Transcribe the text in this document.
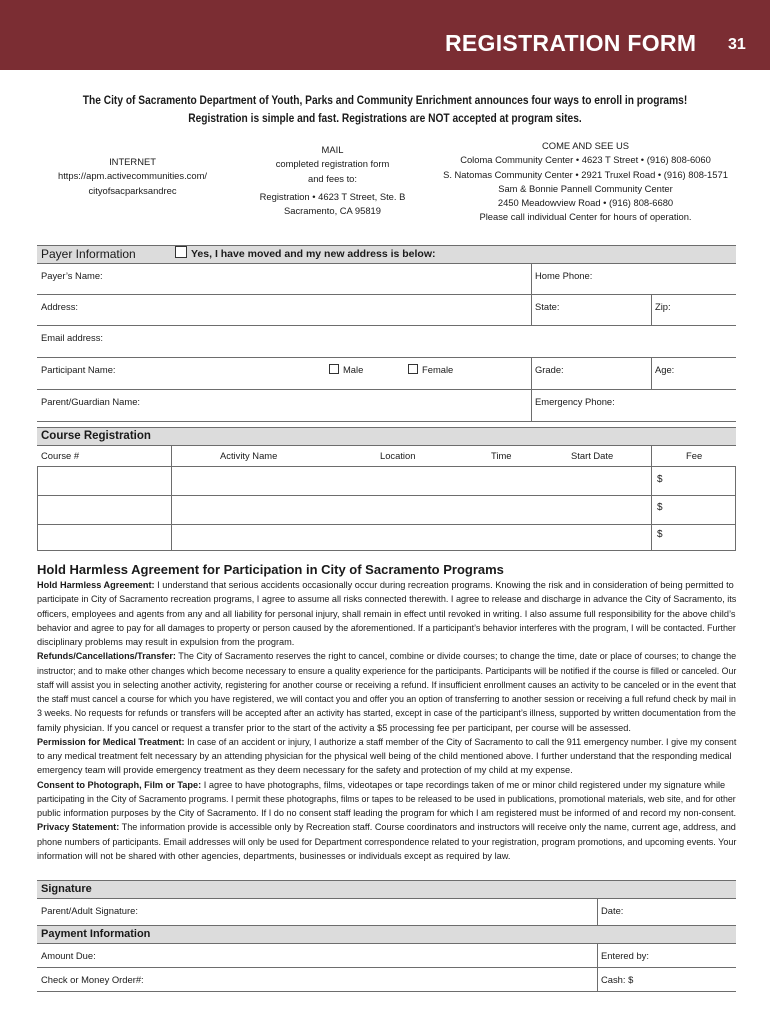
REGISTRATION FORM 31
The City of Sacramento Department of Youth, Parks and Community Enrichment announces four ways to enroll in programs!
Registration is simple and fast. Registrations are NOT accepted at program sites.
INTERNET
https://apm.activecommunities.com/
cityofsacparksandrec
MAIL
completed registration form
and fees to:
Registration • 4623 T Street, Ste. B
Sacramento, CA 95819
COME AND SEE US
Coloma Community Center • 4623 T Street • (916) 808-6060
S. Natomas Community Center • 2921 Truxel Road • (916) 808-1571
Sam & Bonnie Pannell Community Center
2450 Meadowview Road • (916) 808-6680
Please call individual Center for hours of operation.
Payer Information	Yes, I have moved and my new address is below:
Payer’s Name:	Home Phone:
Address:	State:	Zip:
Email address:
Participant Name:	Male	Female	Grade:	Age:
Parent/Guardian Name:	Emergency Phone:
Course Registration
Course #	Activity Name	Location	Time	Start Date	Fee
$
$
$
Hold Harmless Agreement for Participation in City of Sacramento Programs
Hold Harmless Agreement: I understand that serious accidents occasionally occur during recreation programs. Knowing the risk and in consideration of being permitted to
participate in City of Sacramento recreation programs, I agree to assume all risks connected therewith. I agree to release and discharge in advance the City of Sacramento, its
officers, employees and agents from any and all liability for personal injury, shall remain in effect until revoked in writing. I also assume full responsibility for the above child’s
behavior and agree to pay for all damages to property or person caused by the aforementioned. If a participant’s behavior interferes with the program, I will be contacted. Further
disciplinary problems may result in expulsion from the program.
Refunds/Cancellations/Transfer: The City of Sacramento reserves the right to cancel, combine or divide courses; to change the time, date or place of courses; to change the
instructor; and to make other changes which become necessary to ensure a quality experience for the participants. Participants will be notified if the course is filled or canceled. Our
staff will assist you in selecting another activity, registering for another course or receiving a refund. If insufficient enrollment causes an activity to be canceled or in the event that
the staff must cancel a course for which you have registered, we will contact you and offer you an option of transferring to another session or receiving a full refund check by mail in
3 weeks. No requests for refunds or transfers will be accepted after an activity has started, except in case of the participant’s illness, supported by written documentation from the
family physician. If you cancel or request a transfer prior to the start of the activity a $5 processing fee per participant, per course will be assessed.
Permission for Medical Treatment: In case of an accident or injury, I authorize a staff member of the City of Sacramento to call the 911 emergency number. I give my consent
to any medical treatment felt necessary by an attending physician for the physical well being of the child mentioned above. I further understand that the responding medical
emergency team will provide emergency treatment as they deem necessary for the safety and protection of my child at my expense.
Consent to Photograph, Film or Tape: I agree to have photographs, films, videotapes or tape recordings taken of me or minor child registered under my signature while
participating in the City of Sacramento programs. I permit these photographs, films or tapes to be released to be used in publications, promotional materials, web site, and for other
public information purposes by the City of Sacramento. If I do no consent staff leading the program for which I am registered must be informed of and record my non-consent.
Privacy Statement: The information provide is accessible only by Recreation staff. Course coordinators and instructors will receive only the name, current age, address, and
phone numbers of participants. Email addresses will only be used for Department correspondence related to your registration, program promotions, and upcoming events. Your
information will not be shared with other agencies, departments, businesses or individuals except as required by law.
Signature
Parent/Adult Signature:	Date:
Payment Information
Amount Due:	Entered by:
Check or Money Order#:	Cash: $
